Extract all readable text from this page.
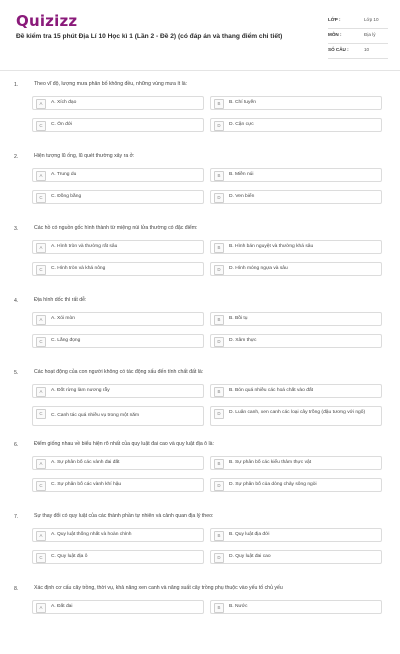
Quizizz
Đề kiểm tra 15 phút Địa Lí 10 Học kì 1 (Lần 2 - Đề 2) (có đáp án và thang điểm chi tiết)
LỚP :	Lớp 10
MÔN :	Địa lý
SỐ CÂU :	10
1.	Theo vĩ độ, lượng mưa phân bố không đều, những vùng mưa ít là:
A	A. Xích đạo	B	B. Chí tuyến
C	C. Ôn đới	D	D. Cận cực
2.	Hiện tượng lũ ống, lũ quét thường xảy ra ở:
A	A. Trung du	B	B. Miền núi
C	C. Đồng bằng	D	D. Ven biển
3.	Các hồ có nguồn gốc hình thành từ miệng núi lửa thường có đặc điểm:
A	A. Hình tròn và thường rất sâu	B	B. Hình bán nguyệt và thường khá sâu
C	C. Hình tròn và khá nông	D	D. Hình móng ngựa và sâu
4.	Địa hình dốc thì rất dễ:
A	A. Xói mòn	B	B. Bồi tụ
C	C. Lắng đọng	D	D. Xâm thực
5.	Các hoạt động của con người không có tác động xấu đến tính chất đất là:
A	A. Đốt rừng làm nương rẫy	B	B. Bón quá nhiều các hoá chất vào đất
C	C. Canh tác quá nhiều vụ trong một năm	D	D. Luân canh, xen canh các loại cây trồng (đậu tương với ngô)
6.	Điểm giống nhau về biểu hiện rõ nhất của quy luật đai cao và quy luật địa ô là:
A	A. Sự phân bố các vành đai đất	B	B. Sự phân bố các kiểu thảm thực vật
C	C. Sự phân bố các vành khí hậu	D	D. Sự phân bố của dòng chảy sông ngòi
7.	Sự thay đổi có quy luật của các thành phần tự nhiên và cảnh quan địa lý theo:
A	A. Quy luật thống nhất và hoàn chỉnh	B	B. Quy luật địa đới
C	C. Quy luật địa ô	D	D. Quy luật đai cao
8.	Xác định cơ cấu cây trồng, thời vụ, khả năng xen canh và năng suất cây trồng phụ thuộc vào yếu tố chủ yếu
A	A. Đất đai	B	B. Nước
